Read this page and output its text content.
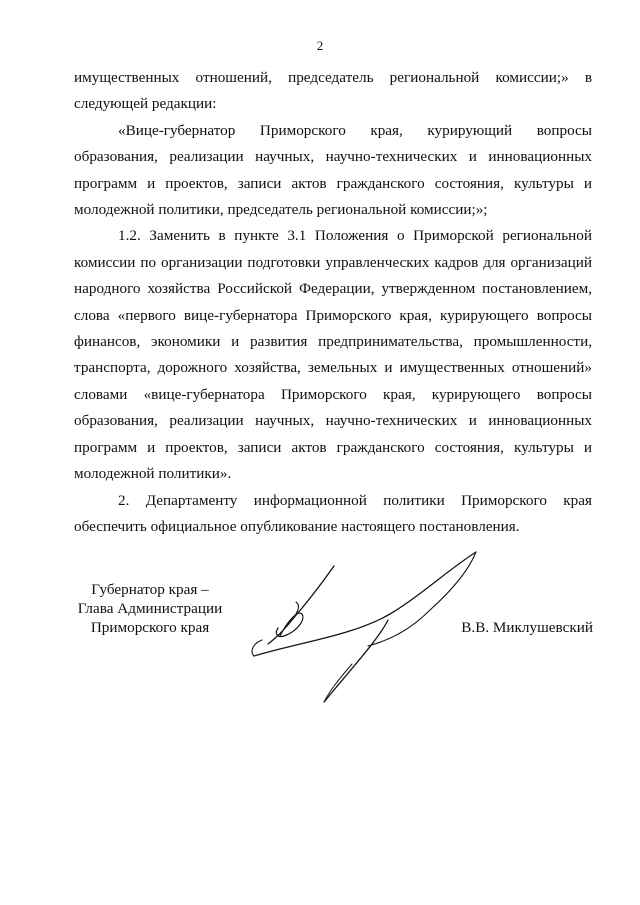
2

имущественных отношений, председатель региональной комиссии;» в следующей редакции:

«Вице-губернатор Приморского края, курирующий вопросы образования, реализации научных, научно-технических и инновационных программ и проектов, записи актов гражданского состояния, культуры и молодежной политики, председатель региональной комиссии;»;

1.2. Заменить в пункте 3.1 Положения о Приморской региональной комиссии по организации подготовки управленческих кадров для организаций народного хозяйства Российской Федерации, утвержденном постановлением, слова «первого вице-губернатора Приморского края, курирующего вопросы финансов, экономики и развития предпринимательства, промышленности, транспорта, дорожного хозяйства, земельных и имущественных отношений» словами «вице-губернатора Приморского края, курирующего вопросы образования, реализации научных, научно-технических и инновационных программ и проектов, записи актов гражданского состояния, культуры и молодежной политики».

2. Департаменту информационной политики Приморского края обеспечить официальное опубликование настоящего постановления.

Губернатор края –
Глава Администрации
Приморского края	В.В. Миклушевский
